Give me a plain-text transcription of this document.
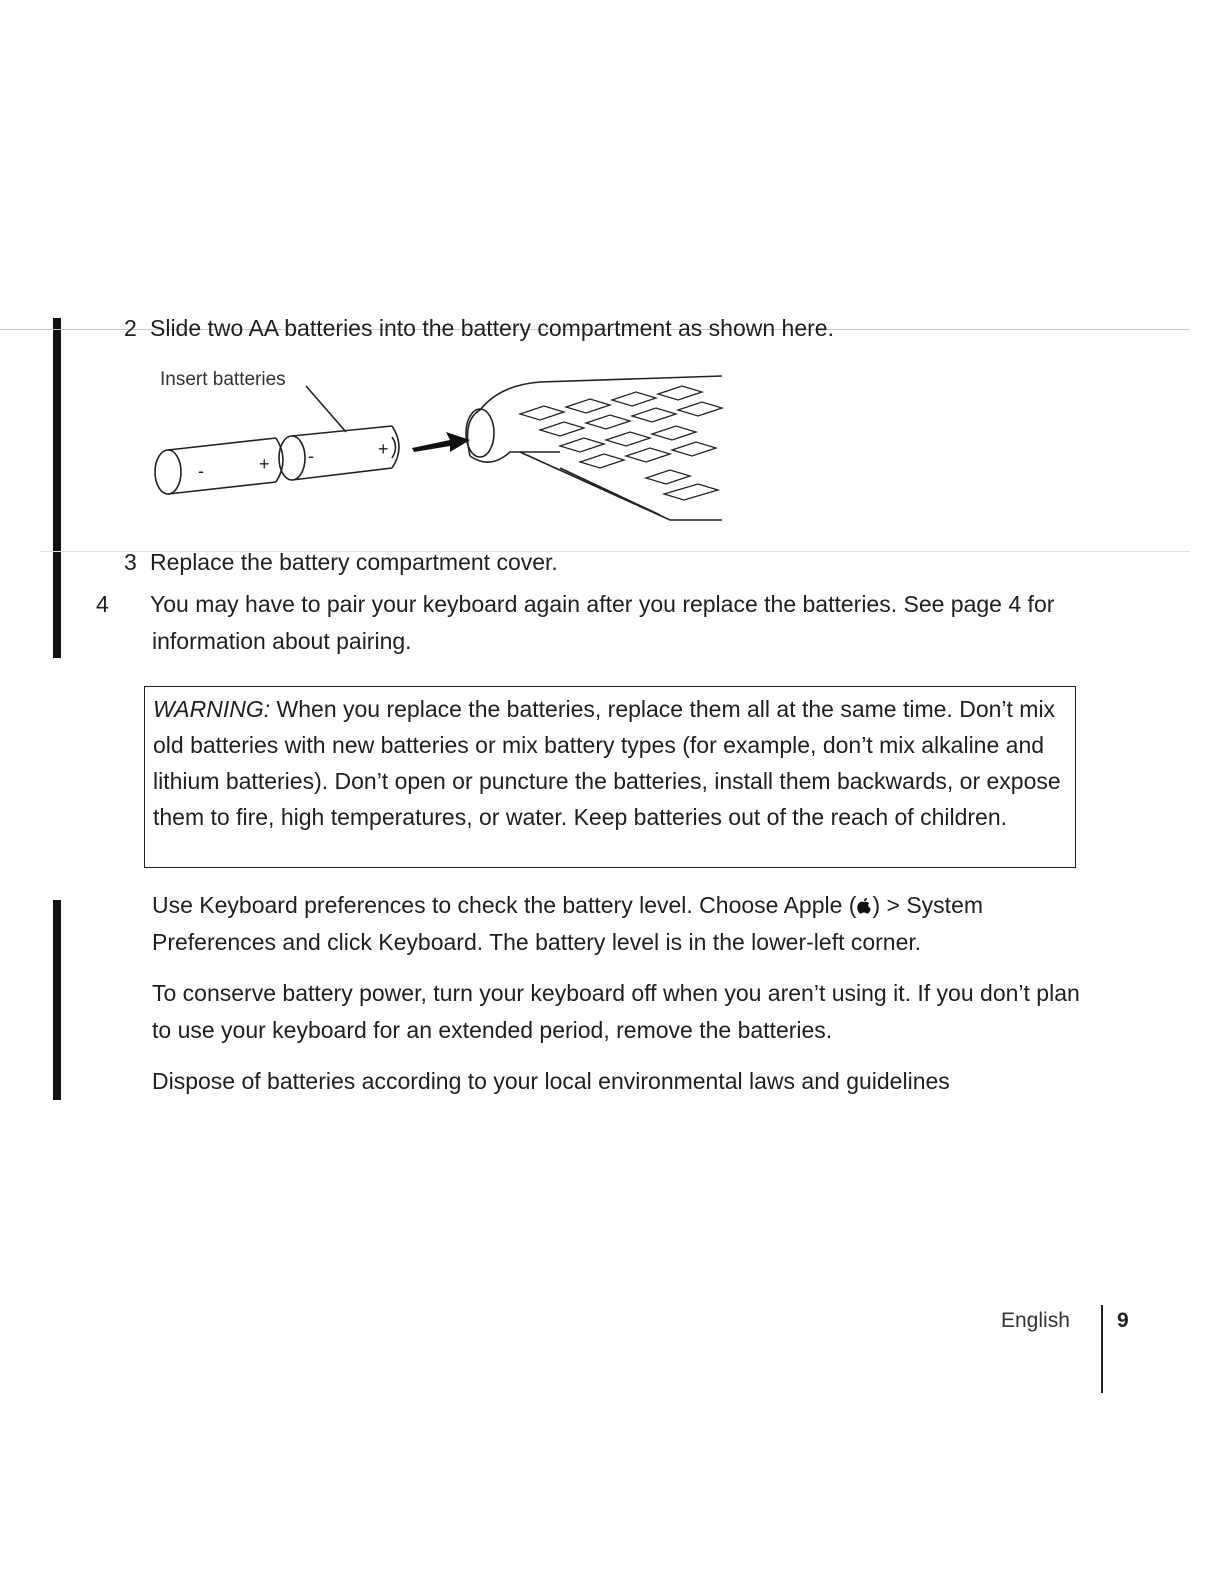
2 Slide two AA batteries into the battery compartment as shown here.
Insert batteries
-	+ -	+
3 Replace the battery compartment cover.
4 You may have to pair your keyboard again after you replace the batteries. See page 4 for information about pairing.
WARNING: When you replace the batteries, replace them all at the same time. Don’t mix old batteries with new batteries or mix battery types (for example, don’t mix alkaline and lithium batteries). Don’t open or puncture the batteries, install them backwards, or expose them to fire, high temperatures, or water. Keep batteries out of the reach of children.
Use Keyboard preferences to check the battery level. Choose Apple ( ) > System Preferences and click Keyboard. The battery level is in the lower-left corner.
To conserve battery power, turn your keyboard off when you aren’t using it. If you don’t plan to use your keyboard for an extended period, remove the batteries.
Dispose of batteries according to your local environmental laws and guidelines
English 9
